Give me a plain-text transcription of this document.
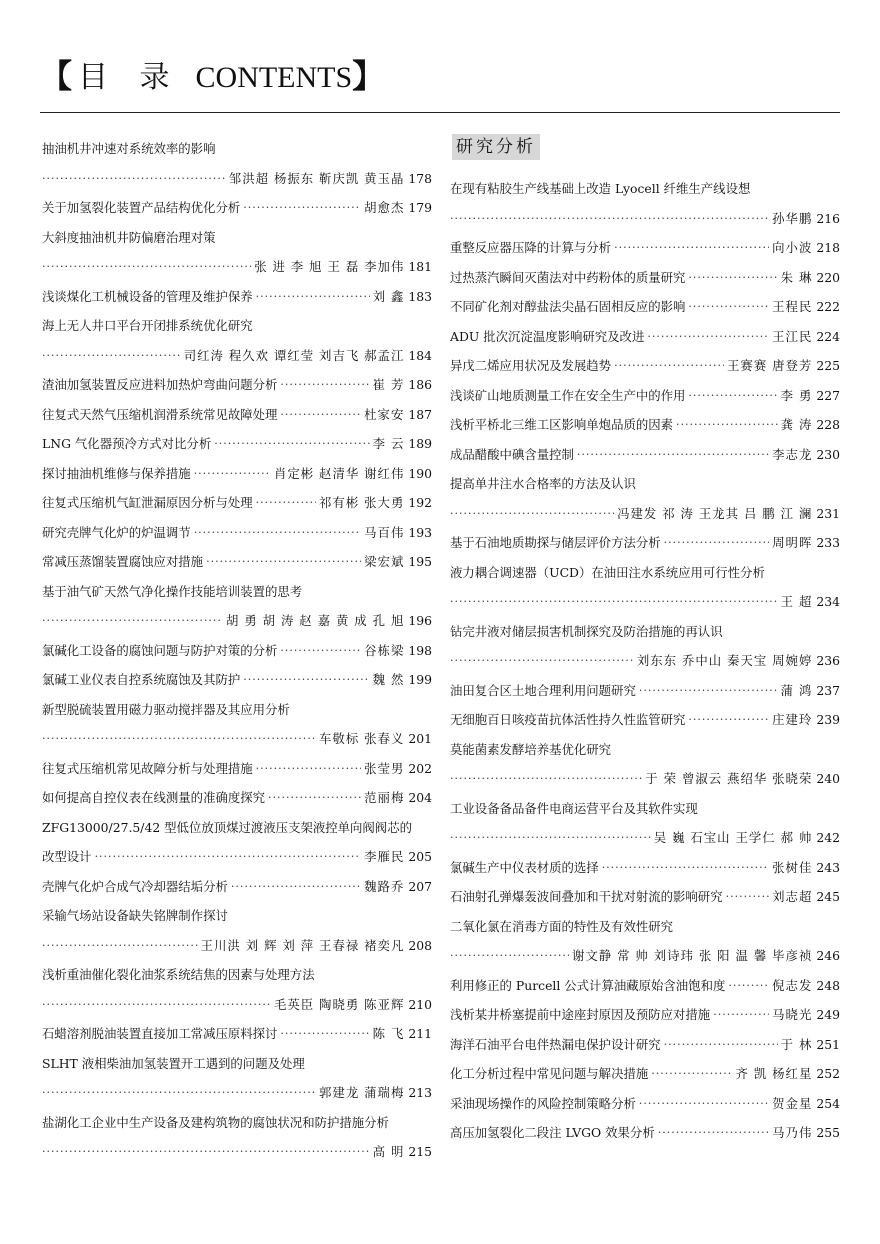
【 目 录 CONTENTS】
抽油机井冲速对系统效率的影响
·····
邹洪超 杨振东 靳庆凯 黄玉晶 178
关于加氢裂化装置产品结构优化分析 ·····	胡愈杰 179
大斜度抽油机井防偏磨治理对策
·····
张 进 李 旭 王 磊 李加伟 181
浅谈煤化工机械设备的管理及维护保养 ·····	刘 鑫 183
海上无人井口平台开闭排系统优化研究
·····
司红涛 程久欢 谭红莹 刘吉飞 郝孟江 184
渣油加氢装置反应进料加热炉弯曲问题分析 ·····	崔 芳 186
往复式天然气压缩机润滑系统常见故障处理 ·····	杜家安 187
LNG 气化器预冷方式对比分析 ·····	李 云 189
探讨抽油机维修与保养措施 ·····	肖定彬 赵清华 谢红伟 190
往复式压缩机气缸泄漏原因分析与处理 ·····	祁有彬 张大勇 192
研究壳牌气化炉的炉温调节 ·····	马百伟 193
常减压蒸馏装置腐蚀应对措施 ·····	梁宏斌 195
基于油气矿天然气净化操作技能培训装置的思考
·····
胡 勇 胡 涛 赵 嘉 黄 成 孔 旭 196
氯碱化工设备的腐蚀问题与防护对策的分析 ·····	谷栋梁 198
氯碱工业仪表自控系统腐蚀及其防护 ·····	魏 然 199
新型脱硫装置用磁力驱动搅拌器及其应用分析
·····
车敬标 张春义 201
往复式压缩机常见故障分析与处理措施 ·····	张莹男 202
如何提高自控仪表在线测量的准确度探究 ·····	范丽梅 204
ZFG13000/27.5/42 型低位放顶煤过渡液压支架液控单向阀阀芯的
改型设计 ·····	李雁民 205
壳牌气化炉合成气冷却器结垢分析 ·····	魏路乔 207
采输气场站设备缺失铭牌制作探讨
·····
王川洪 刘 辉 刘 萍 王春禄 褚奕凡 208
浅析重油催化裂化油浆系统结焦的因素与处理方法
·····
毛英臣 陶晓勇 陈亚辉 210
石蜡溶剂脱油装置直接加工常减压原料探讨 ·····	陈 飞 211
SLHT 液相柴油加氢装置开工遇到的问题及处理
·····
郭建龙 蒲瑞梅 213
盐湖化工企业中生产设备及建构筑物的腐蚀状况和防护措施分析
·····
高 明 215
研究分析
在现有粘胶生产线基础上改造 Lyocell 纤维生产线设想
·····
孙华鹏 216
重整反应器压降的计算与分析 ·····	向小波 218
过热蒸汽瞬间灭菌法对中药粉体的质量研究 ·····	朱 琳 220
不同矿化剂对醇盐法尖晶石固相反应的影响 ·····	王程民 222
ADU 批次沉淀温度影响研究及改进 ·····	王江民 224
异戊二烯应用状况及发展趋势 ·····	王赛赛 唐登芳 225
浅谈矿山地质测量工作在安全生产中的作用 ·····	李 勇 227
浅析平桥北三维工区影响单炮品质的因素 ·····	龚 涛 228
成品醋酸中碘含量控制 ·····	李志龙 230
提高单井注水合格率的方法及认识
·····
冯建发 祁 涛 王龙其 吕 鹏 江 澜 231
基于石油地质勘探与储层评价方法分析 ·····	周明晖 233
液力耦合调速器（UCD）在油田注水系统应用可行性分析
·····
王 超 234
钻完井液对储层损害机制探究及防治措施的再认识
·····
刘东东 乔中山 秦天宝 周婉婷 236
油田复合区土地合理利用问题研究 ·····	蒲 鸿 237
无细胞百日咳疫苗抗体活性持久性监管研究 ·····	庄建玲 239
莫能菌素发酵培养基优化研究
·····
于 荣 曾淑云 燕绍华 张晓荣 240
工业设备备品备件电商运营平台及其软件实现
·····
吴 巍 石宝山 王学仁 郝 帅 242
氯碱生产中仪表材质的选择 ·····	张树佳 243
石油射孔弹爆轰波间叠加和干扰对射流的影响研究 ·····	刘志超 245
二氧化氯在消毒方面的特性及有效性研究
·····
谢文静 常 帅 刘诗玮 张 阳 温 馨 毕彦祯 246
利用修正的 Purcell 公式计算油藏原始含油饱和度 ·····	倪志发 248
浅析某井桥塞提前中途座封原因及预防应对措施 ·····	马晓光 249
海洋石油平台电伴热漏电保护设计研究 ·····	于 林 251
化工分析过程中常见问题与解决措施 ·····	齐 凯 杨红星 252
采油现场操作的风险控制策略分析 ·····	贺金星 254
高压加氢裂化二段注 LVGO 效果分析 ·····	马乃伟 255
